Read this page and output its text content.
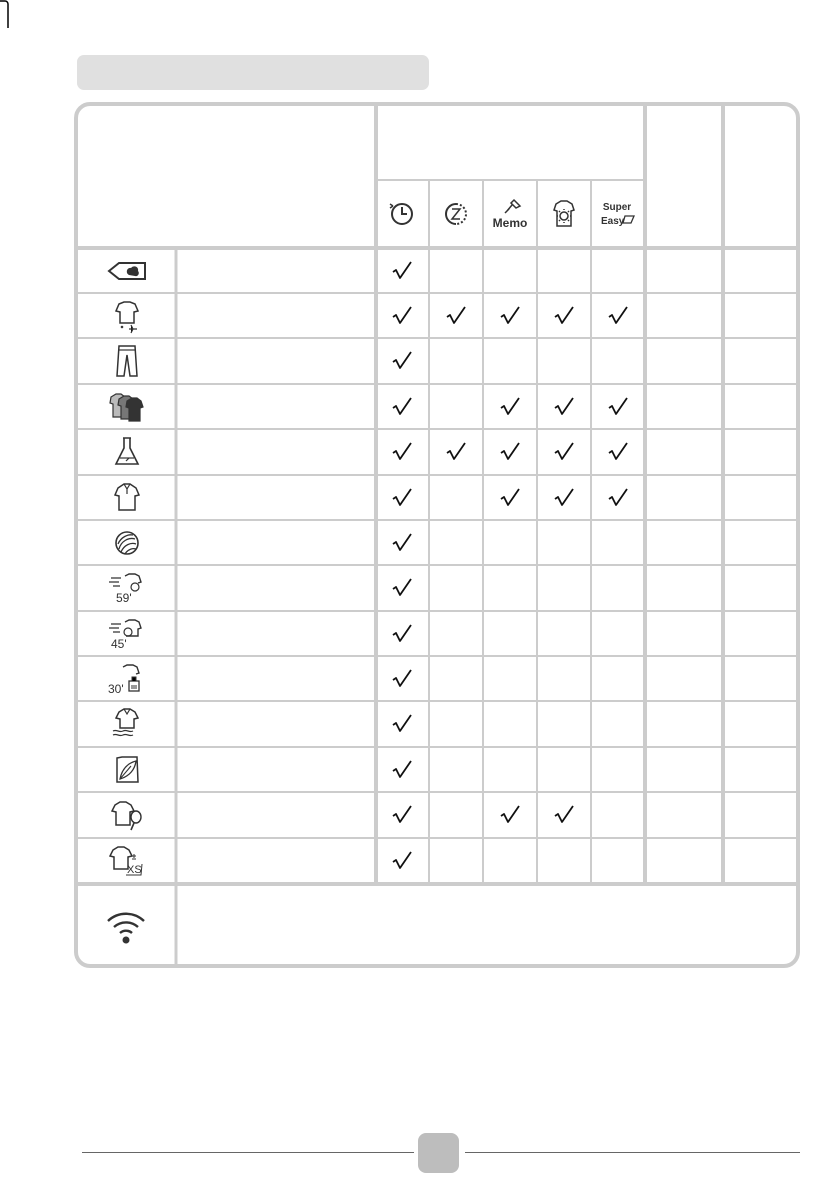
Memo
Super
Easy
59'
45'
30'
XS
